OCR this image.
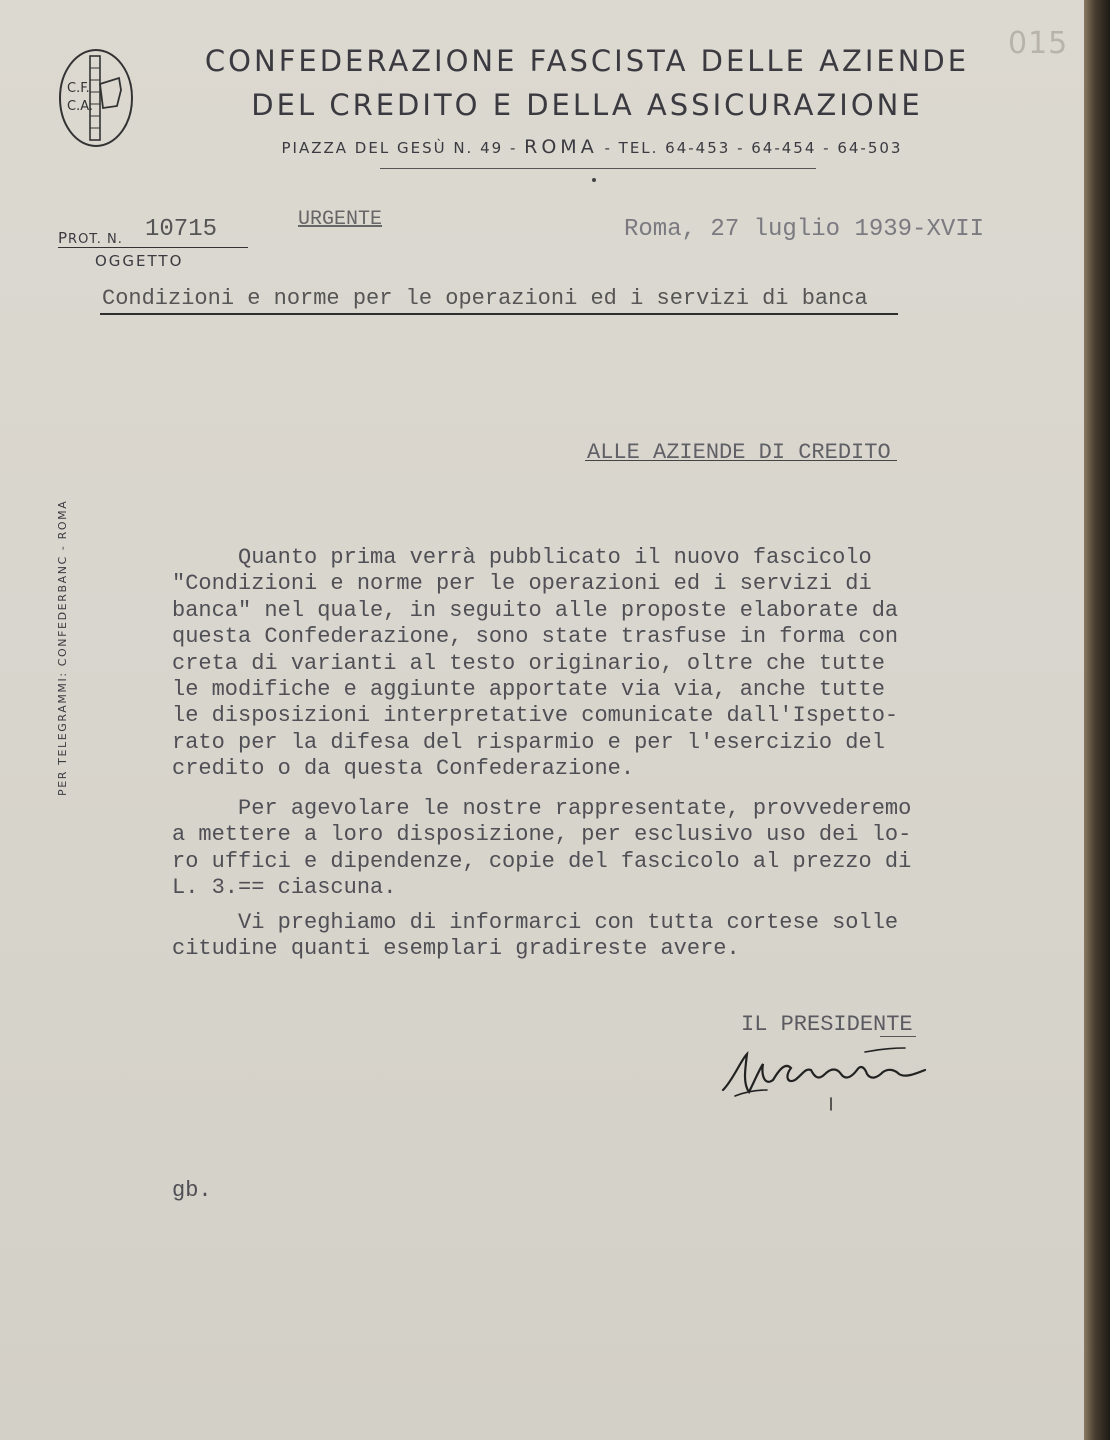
C.F.
C.A.
CONFEDERAZIONE FASCISTA DELLE AZIENDE
DEL CREDITO E DELLA ASSICURAZIONE
PIAZZA DEL GESÙ N. 49 - ROMA - TEL. 64-453 - 64-454 - 64-503
015
PROT. N. 10715
OGGETTO
URGENTE	Roma, 27 luglio 1939-XVII
Condizioni e norme per le operazioni ed i servizi di banca
ALLE AZIENDE DI CREDITO
PER TELEGRAMMI: CONFEDERBANC - ROMA	Quanto prima verrà pubblicato il nuovo fascicolo
"Condizioni e norme per le operazioni ed i servizi di
banca" nel quale, in seguito alle proposte elaborate da
questa Confederazione, sono state trasfuse in forma con
creta di varianti al testo originario, oltre che tutte
le modifiche e aggiunte apportate via via, anche tutte
le disposizioni interpretative comunicate dall'Ispetto-
rato per la difesa del risparmio e per l'esercizio del
credito o da questa Confederazione.
Per agevolare le nostre rappresentate, provvederemo
a mettere a loro disposizione, per esclusivo uso dei lo-
ro uffici e dipendenze, copie del fascicolo al prezzo di
L. 3.== ciascuna.
Vi preghiamo di informarci con tutta cortese solle
citudine quanti esemplari gradireste avere.
IL PRESIDENTE
gb.
